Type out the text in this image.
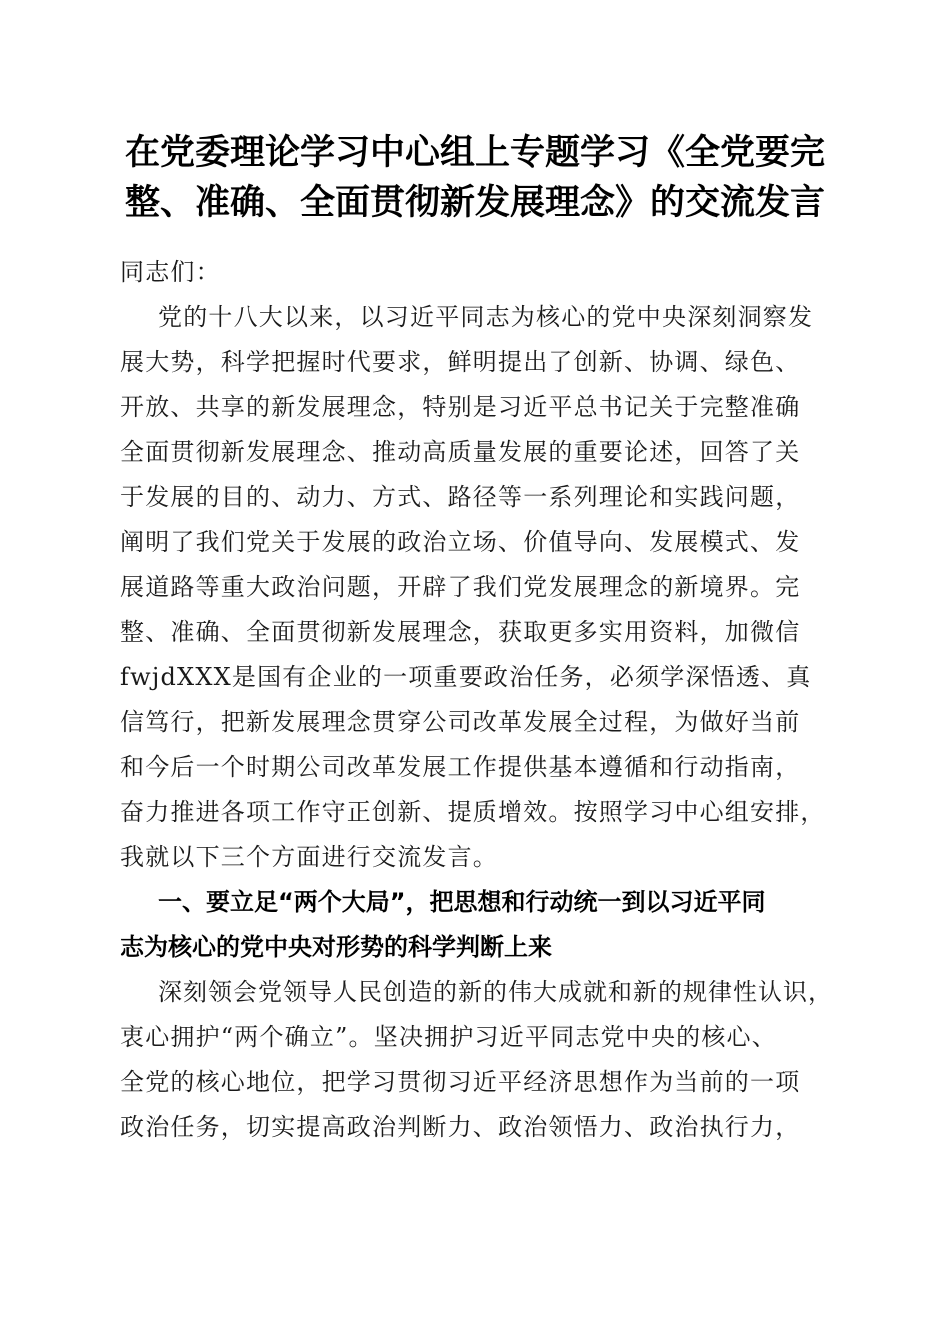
在党委理论学习中心组上专题学习《全党要完
整、准确、全面贯彻新发展理念》的交流发言
同志们：
党的十八大以来，以习近平同志为核心的党中央深刻洞察发
展大势，科学把握时代要求，鲜明提出了创新、协调、绿色、
开放、共享的新发展理念，特别是习近平总书记关于完整准确
全面贯彻新发展理念、推动高质量发展的重要论述，回答了关
于发展的目的、动力、方式、路径等一系列理论和实践问题，
阐明了我们党关于发展的政治立场、价值导向、发展模式、发
展道路等重大政治问题，开辟了我们党发展理念的新境界。完
整、准确、全面贯彻新发展理念，获取更多实用资料，加微信
fwjdXXX是国有企业的一项重要政治任务，必须学深悟透、真
信笃行，把新发展理念贯穿公司改革发展全过程，为做好当前
和今后一个时期公司改革发展工作提供基本遵循和行动指南，
奋力推进各项工作守正创新、提质增效。按照学习中心组安排，
我就以下三个方面进行交流发言。
一、要立足“两个大局”，把思想和行动统一到以习近平同
志为核心的党中央对形势的科学判断上来
深刻领会党领导人民创造的新的伟大成就和新的规律性认识，
衷心拥护“两个确立”。坚决拥护习近平同志党中央的核心、
全党的核心地位，把学习贯彻习近平经济思想作为当前的一项
政治任务，切实提高政治判断力、政治领悟力、政治执行力，
